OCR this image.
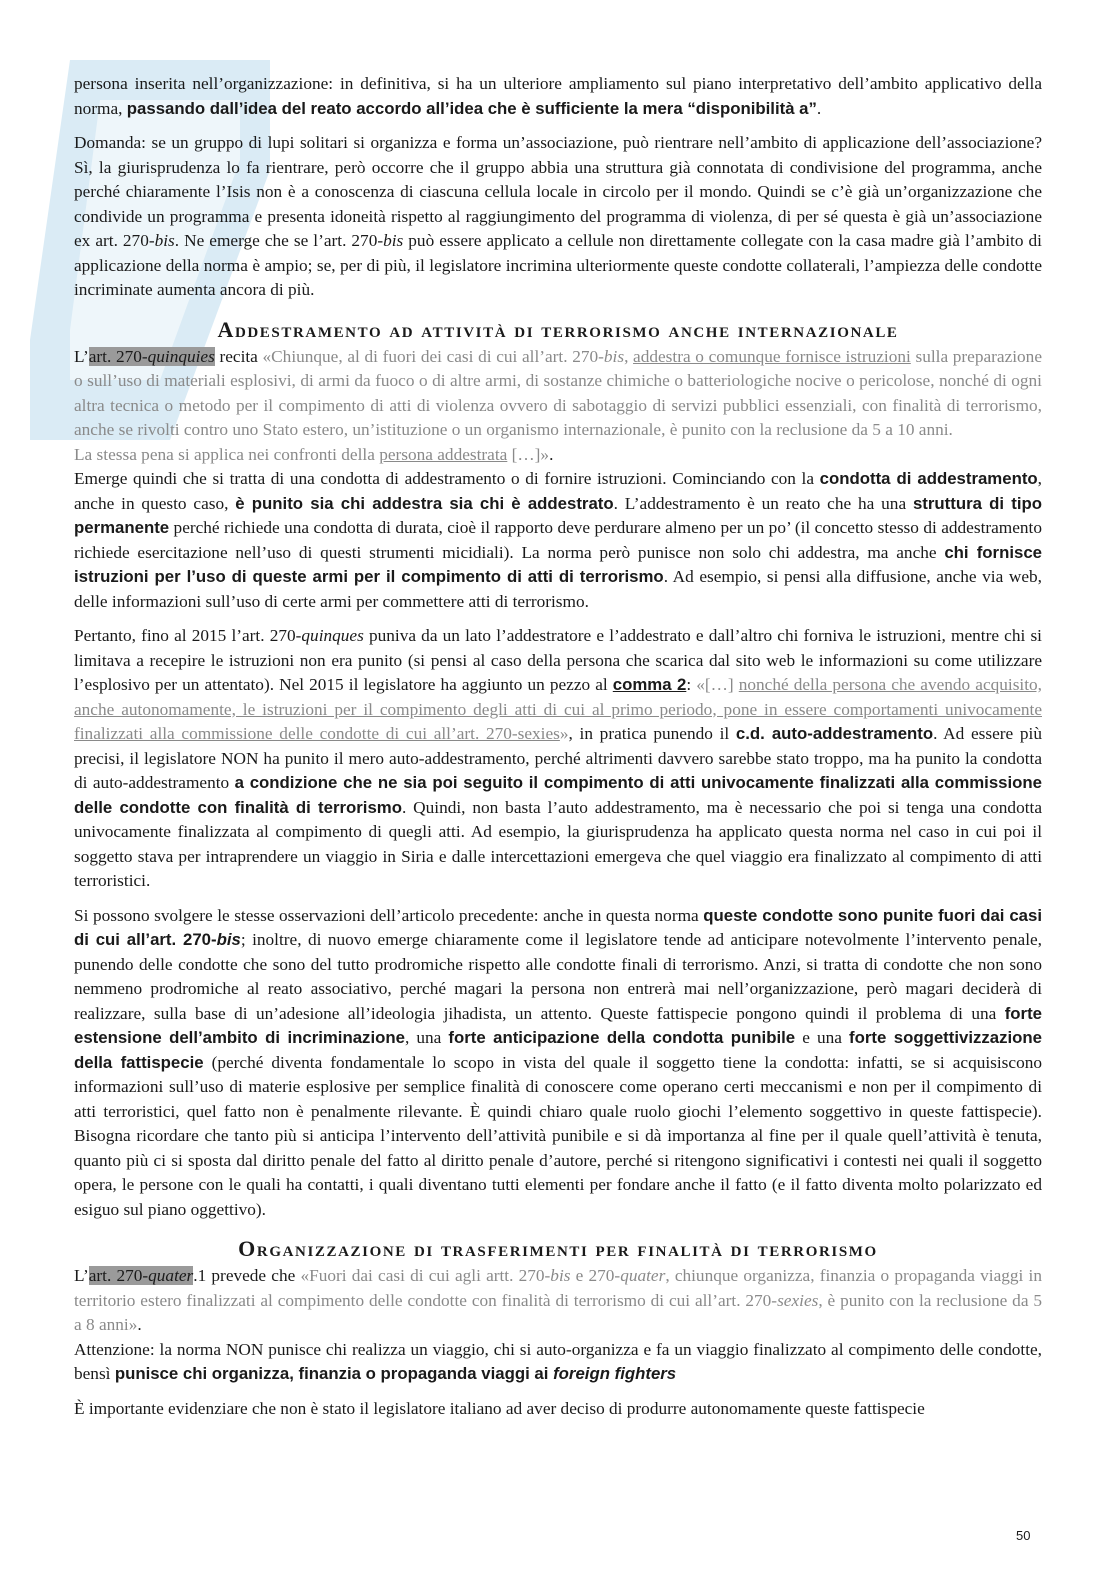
persona inserita nell’organizzazione: in definitiva, si ha un ulteriore ampliamento sul piano interpretativo dell’ambito applicativo della norma, passando dall’idea del reato accordo all’idea che è sufficiente la mera “disponibilità a”.

Domanda: se un gruppo di lupi solitari si organizza e forma un’associazione, può rientrare nell’ambito di applicazione dell’associazione? Sì, la giurisprudenza lo fa rientrare, però occorre che il gruppo abbia una struttura già connotata di condivisione del programma, anche perché chiaramente l’Isis non è a conoscenza di ciascuna cellula locale in circolo per il mondo. Quindi se c’è già un’organizzazione che condivide un programma e presenta idoneità rispetto al raggiungimento del programma di violenza, di per sé questa è già un’associazione ex art. 270-bis. Ne emerge che se l’art. 270-bis può essere applicato a cellule non direttamente collegate con la casa madre già l’ambito di applicazione della norma è ampio; se, per di più, il legislatore incrimina ulteriormente queste condotte collaterali, l’ampiezza delle condotte incriminate aumenta ancora di più.

Addestramento ad attività di terrorismo anche internazionale

L’art. 270-quinquies recita «Chiunque, al di fuori dei casi di cui all’art. 270-bis, addestra o comunque fornisce istruzioni sulla preparazione o sull’uso di materiali esplosivi, di armi da fuoco o di altre armi, di sostanze chimiche o batteriologiche nocive o pericolose, nonché di ogni altra tecnica o metodo per il compimento di atti di violenza ovvero di sabotaggio di servizi pubblici essenziali, con finalità di terrorismo, anche se rivolti contro uno Stato estero, un’istituzione o un organismo internazionale, è punito con la reclusione da 5 a 10 anni.

La stessa pena si applica nei confronti della persona addestrata […]».

Emerge quindi che si tratta di una condotta di addestramento o di fornire istruzioni. Cominciando con la condotta di addestramento, anche in questo caso, è punito sia chi addestra sia chi è addestrato. L’addestramento è un reato che ha una struttura di tipo permanente perché richiede una condotta di durata, cioè il rapporto deve perdurare almeno per un po’ (il concetto stesso di addestramento richiede esercitazione nell’uso di questi strumenti micidiali). La norma però punisce non solo chi addestra, ma anche chi fornisce istruzioni per l’uso di queste armi per il compimento di atti di terrorismo. Ad esempio, si pensi alla diffusione, anche via web, delle informazioni sull’uso di certe armi per commettere atti di terrorismo.

Pertanto, fino al 2015 l’art. 270-quinques puniva da un lato l’addestratore e l’addestrato e dall’altro chi forniva le istruzioni, mentre chi si limitava a recepire le istruzioni non era punito (si pensi al caso della persona che scarica dal sito web le informazioni su come utilizzare l’esplosivo per un attentato). Nel 2015 il legislatore ha aggiunto un pezzo al comma 2: «[…] nonché della persona che avendo acquisito, anche autonomamente, le istruzioni per il compimento degli atti di cui al primo periodo, pone in essere comportamenti univocamente finalizzati alla commissione delle condotte di cui all’art. 270-sexies», in pratica punendo il c.d. auto-addestramento. Ad essere più precisi, il legislatore NON ha punito il mero auto-addestramento, perché altrimenti davvero sarebbe stato troppo, ma ha punito la condotta di auto-addestramento a condizione che ne sia poi seguito il compimento di atti univocamente finalizzati alla commissione delle condotte con finalità di terrorismo. Quindi, non basta l’auto addestramento, ma è necessario che poi si tenga una condotta univocamente finalizzata al compimento di quegli atti. Ad esempio, la giurisprudenza ha applicato questa norma nel caso in cui poi il soggetto stava per intraprendere un viaggio in Siria e dalle intercettazioni emergeva che quel viaggio era finalizzato al compimento di atti terroristici.

Si possono svolgere le stesse osservazioni dell’articolo precedente: anche in questa norma queste condotte sono punite fuori dai casi di cui all’art. 270-bis; inoltre, di nuovo emerge chiaramente come il legislatore tende ad anticipare notevolmente l’intervento penale, punendo delle condotte che sono del tutto prodromiche rispetto alle condotte finali di terrorismo. Anzi, si tratta di condotte che non sono nemmeno prodromiche al reato associativo, perché magari la persona non entrerà mai nell’organizzazione, però magari deciderà di realizzare, sulla base di un’adesione all’ideologia jihadista, un attento. Queste fattispecie pongono quindi il problema di una forte estensione dell’ambito di incriminazione, una forte anticipazione della condotta punibile e una forte soggettivizzazione della fattispecie (perché diventa fondamentale lo scopo in vista del quale il soggetto tiene la condotta: infatti, se si acquisiscono informazioni sull’uso di materie esplosive per semplice finalità di conoscere come operano certi meccanismi e non per il compimento di atti terroristici, quel fatto non è penalmente rilevante. È quindi chiaro quale ruolo giochi l’elemento soggettivo in queste fattispecie). Bisogna ricordare che tanto più si anticipa l’intervento dell’attività punibile e si dà importanza al fine per il quale quell’attività è tenuta, quanto più ci si sposta dal diritto penale del fatto al diritto penale d’autore, perché si ritengono significativi i contesti nei quali il soggetto opera, le persone con le quali ha contatti, i quali diventano tutti elementi per fondare anche il fatto (e il fatto diventa molto polarizzato ed esiguo sul piano oggettivo).

Organizzazione di trasferimenti per finalità di terrorismo

L’art. 270-quater.1 prevede che «Fuori dai casi di cui agli artt. 270-bis e 270-quater, chiunque organizza, finanzia o propaganda viaggi in territorio estero finalizzati al compimento delle condotte con finalità di terrorismo di cui all’art. 270-sexies, è punito con la reclusione da 5 a 8 anni».

Attenzione: la norma NON punisce chi realizza un viaggio, chi si auto-organizza e fa un viaggio finalizzato al compimento delle condotte, bensì punisce chi organizza, finanzia o propaganda viaggi ai foreign fighters

È importante evidenziare che non è stato il legislatore italiano ad aver deciso di produrre autonomamente queste fattispecie

50
